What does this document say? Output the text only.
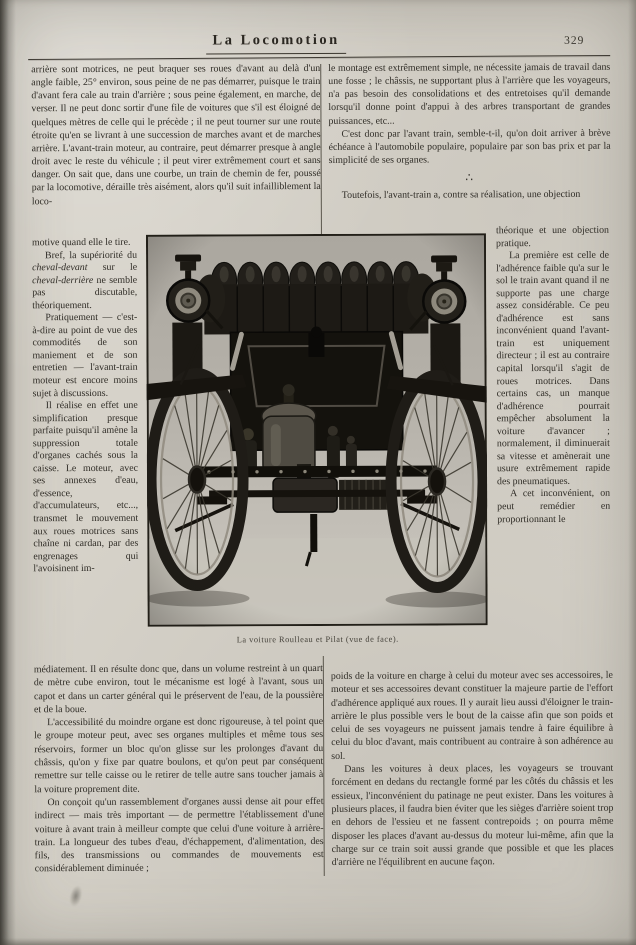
La Locomotion	329

arrière sont motrices, ne peut braquer ses roues d'avant au delà d'un angle faible, 25° environ, sous peine de ne pas démarrer, puisque le train d'avant fera cale au train d'arrière ; sous peine également, en marche, de verser. Il ne peut donc sortir d'une file de voitures que s'il est éloigné de quelques mètres de celle qui le précède ; il ne peut tourner sur une route étroite qu'en se livrant à une succession de marches avant et de marches arrière. L'avant-train moteur, au contraire, peut démarrer presque à angle droit avec le reste du véhicule ; il peut virer extrêmement court et sans danger. On sait que, dans une courbe, un train de chemin de fer, poussé par la locomotive, déraille très aisément, alors qu'il suit infailliblement la loco-

motive quand elle le tire.

Bref, la supériorité du cheval-devant sur le cheval-derrière ne semble pas discutable, théoriquement.

Pratiquement — c'est-à-dire au point de vue des commodités de son maniement et de son entretien — l'avant-train moteur est encore moins sujet à discussions.

Il réalise en effet une simplification presque parfaite puisqu'il amène la suppression totale d'organes cachés sous la caisse. Le moteur, avec ses annexes d'eau, d'essence, d'accumulateurs, etc..., transmet le mouvement aux roues motrices sans chaîne ni cardan, par des engrenages qui l'avoisinent im-

médiatement. Il en résulte donc que, dans un volume restreint à un quart de mètre cube environ, tout le mécanisme est logé à l'avant, sous un capot et dans un carter général qui le préservent de l'eau, de la poussière et de la boue.

L'accessibilité du moindre organe est donc rigoureuse, à tel point que le groupe moteur peut, avec ses organes multiples et même tous ses réservoirs, former un bloc qu'on glisse sur les prolonges d'avant du châssis, qu'on y fixe par quatre boulons, et qu'on peut par conséquent remettre sur telle caisse ou le retirer de telle autre sans toucher jamais à la voiture proprement dite.

On conçoit qu'un rassemblement d'organes aussi dense ait pour effet indirect — mais très important — de permettre l'établissement d'une voiture à avant train à meilleur compte que celui d'une voiture à arrière-train. La longueur des tubes d'eau, d'échappement, d'alimentation, des fils, des transmissions ou commandes de mouvements est considérablement diminuée ;

le montage est extrêmement simple, ne nécessite jamais de travail dans une fosse ; le châssis, ne supportant plus à l'arrière que les voyageurs, n'a pas besoin des consolidations et des entretoises qu'il demande lorsqu'il donne point d'appui à des arbres transportant de grandes puissances, etc...

C'est donc par l'avant train, semble-t-il, qu'on doit arriver à brève échéance à l'automobile populaire, populaire par son bas prix et par la simplicité de ses organes.

∴

Toutefois, l'avant-train a, contre sa réalisation, une objection

théorique et une objection pratique.

La première est celle de l'adhérence faible qu'a sur le sol le train avant quand il ne supporte pas une charge assez considérable. Ce peu d'adhérence est sans inconvénient quand l'avant-train est uniquement directeur ; il est au contraire capital lorsqu'il s'agit de roues motrices. Dans certains cas, un manque d'adhérence pourrait empêcher absolument la voiture d'avancer ; normalement, il diminuerait sa vitesse et amènerait une usure extrêmement rapide des pneumatiques.

A cet inconvénient, on peut remédier en proportionnant le

poids de la voiture en charge à celui du moteur avec ses accessoires, le moteur et ses accessoires devant constituer la majeure partie de l'effort d'adhérence appliqué aux roues. Il y aurait lieu aussi d'éloigner le train-arrière le plus possible vers le bout de la caisse afin que son poids et celui de ses voyageurs ne puissent jamais tendre à faire équilibre à celui du bloc d'avant, mais contribuent au contraire à son adhérence au sol.

Dans les voitures à deux places, les voyageurs se trouvant forcément en dedans du rectangle formé par les côtés du châssis et les essieux, l'inconvénient du patinage ne peut exister. Dans les voitures à plusieurs places, il faudra bien éviter que les sièges d'arrière soient trop en dehors de l'essieu et ne fassent contrepoids ; on pourra même disposer les places d'avant au-dessus du moteur lui-même, afin que la charge sur ce train soit aussi grande que possible et que les places d'arrière ne l'équilibrent en aucune façon.

La voiture Roulleau et Pilat (vue de face).
